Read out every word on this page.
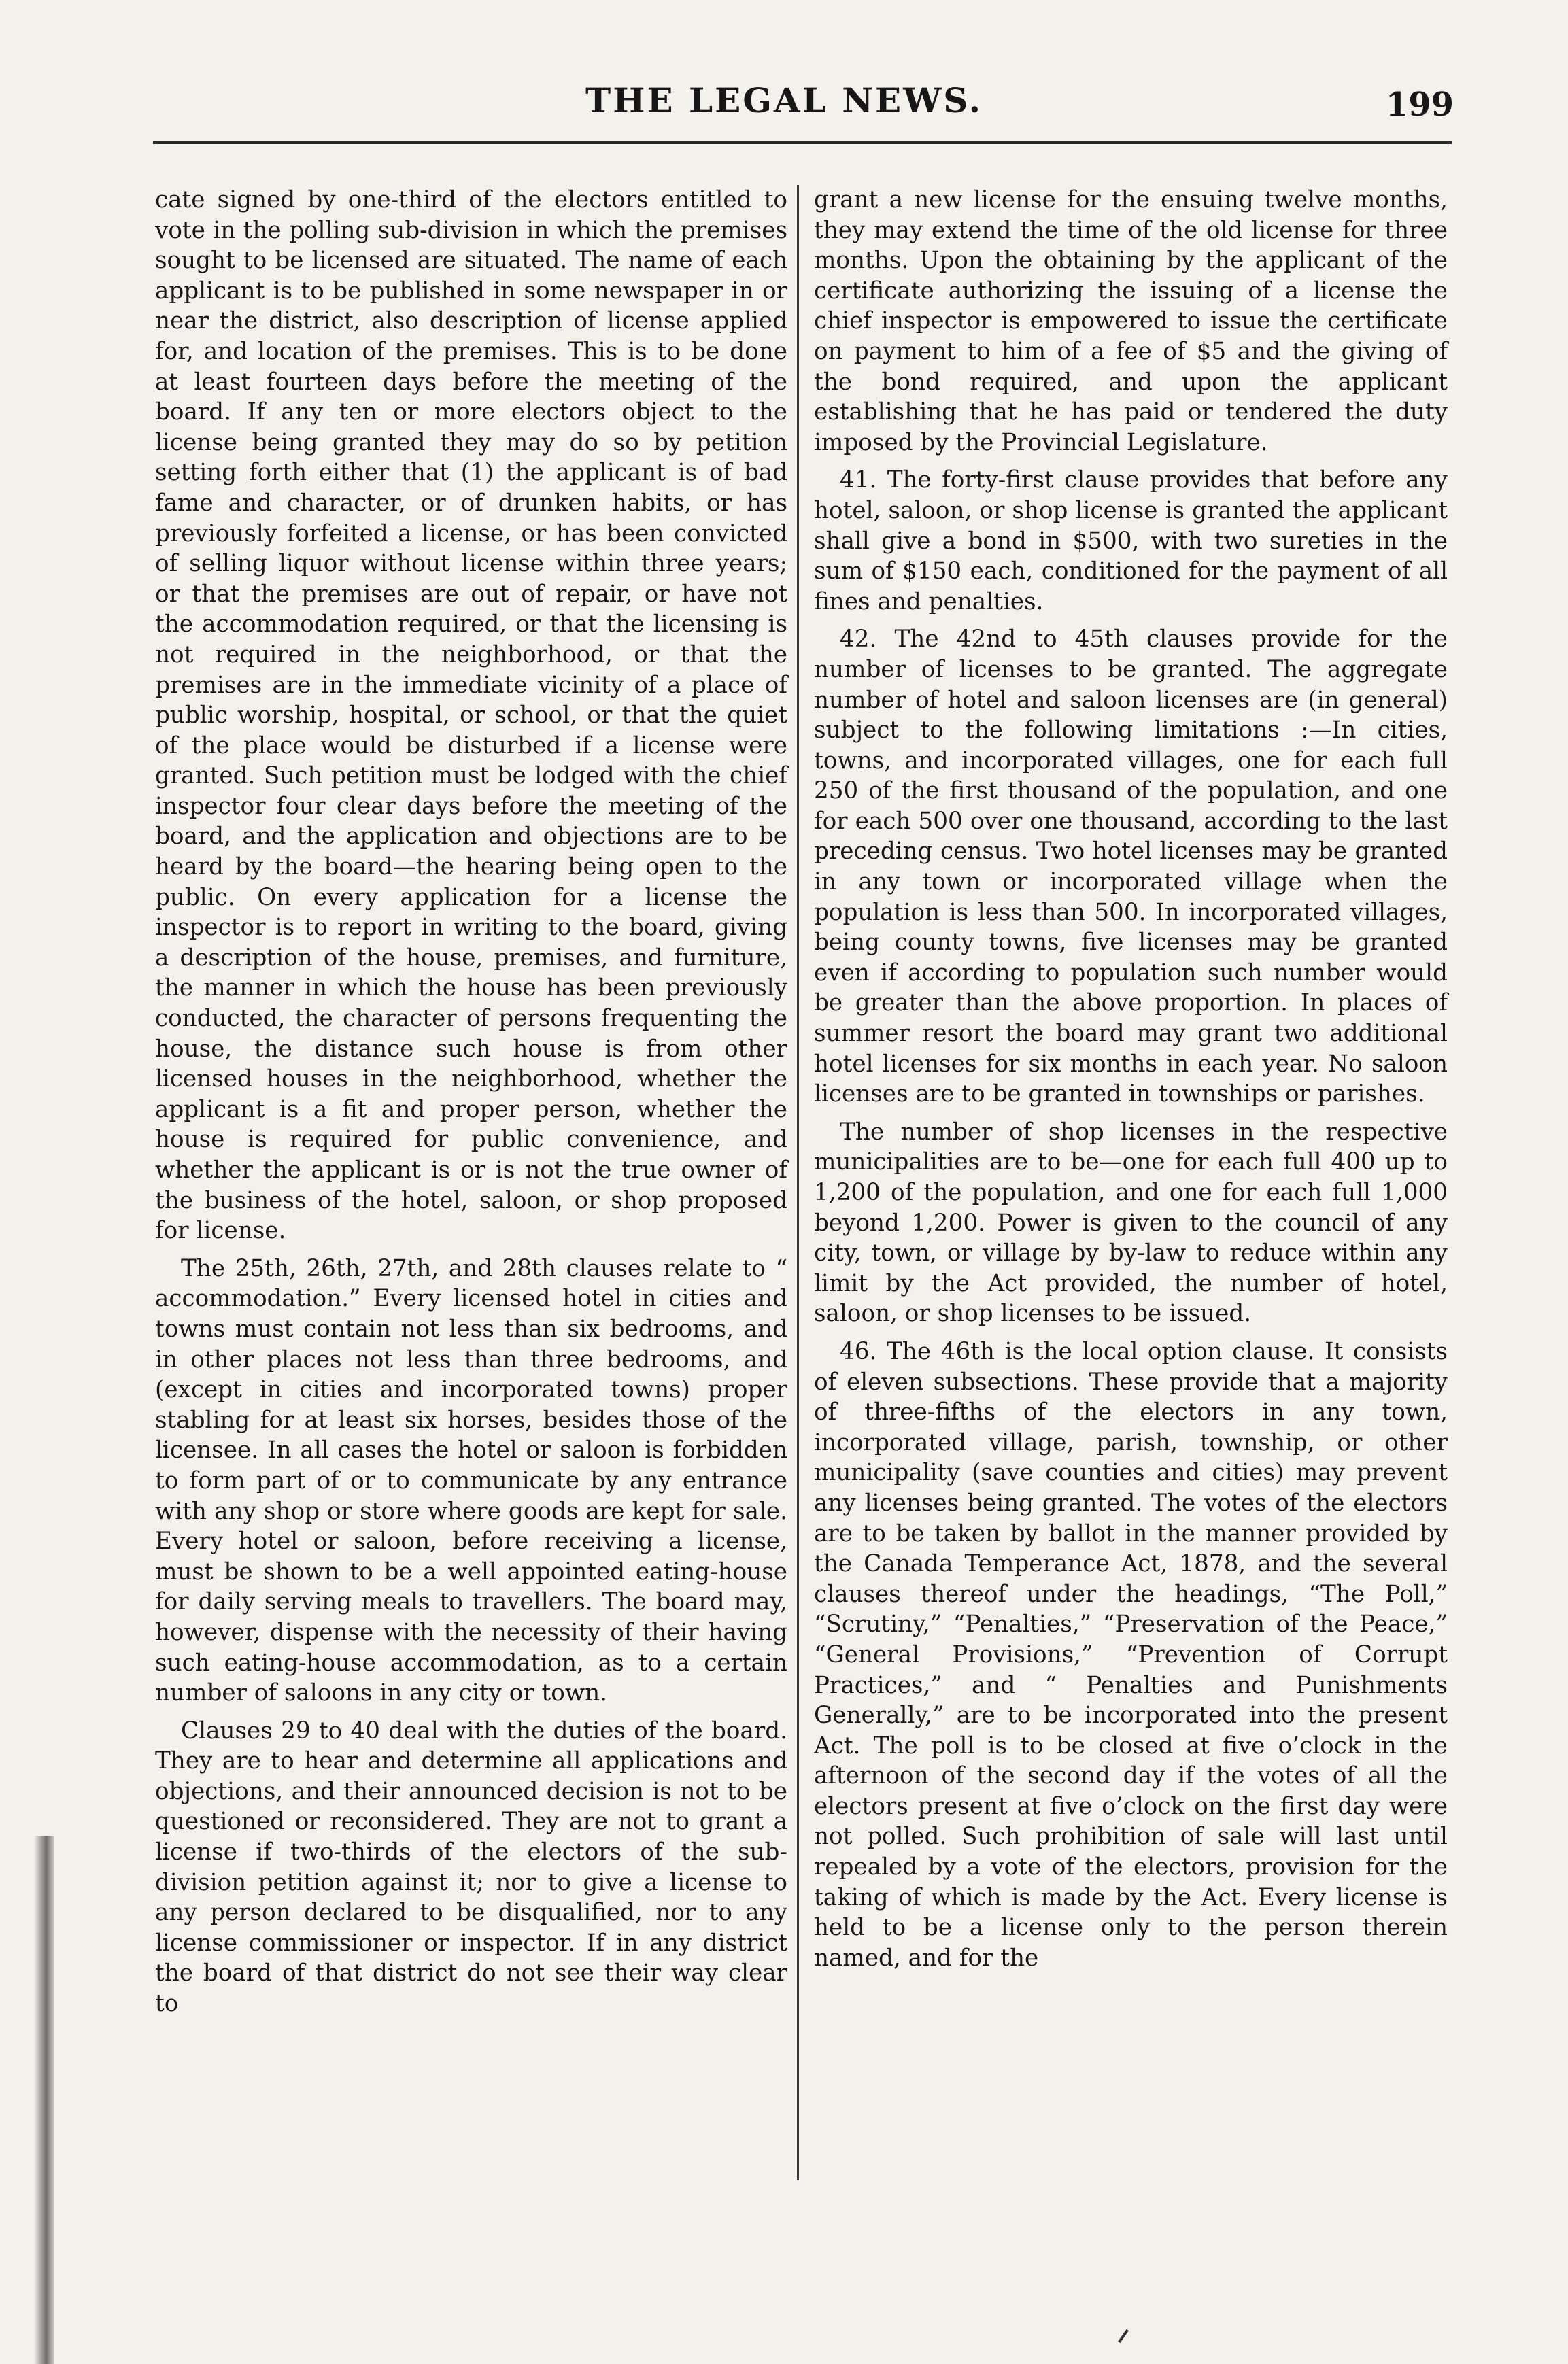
THE LEGAL NEWS.	199

cate signed by one-third of the electors entitled to vote in the polling sub-division in which the premises sought to be licensed are situated. The name of each applicant is to be published in some newspaper in or near the district, also description of license applied for, and location of the premises. This is to be done at least fourteen days before the meeting of the board. If any ten or more electors object to the license being granted they may do so by petition setting forth either that (1) the applicant is of bad fame and character, or of drunken habits, or has previously forfeited a license, or has been convicted of selling liquor without license within three years; or that the premises are out of repair, or have not the accommodation required, or that the licensing is not required in the neighborhood, or that the premises are in the immediate vicinity of a place of public worship, hospital, or school, or that the quiet of the place would be disturbed if a license were granted. Such petition must be lodged with the chief inspector four clear days before the meeting of the board, and the application and objections are to be heard by the board—the hearing being open to the public. On every application for a license the inspector is to report in writing to the board, giving a description of the house, premises, and furniture, the manner in which the house has been previously conducted, the character of persons frequenting the house, the distance such house is from other licensed houses in the neighborhood, whether the applicant is a fit and proper person, whether the house is required for public convenience, and whether the applicant is or is not the true owner of the business of the hotel, saloon, or shop proposed for license.

The 25th, 26th, 27th, and 28th clauses relate to “ accommodation.” Every licensed hotel in cities and towns must contain not less than six bedrooms, and in other places not less than three bedrooms, and (except in cities and incorporated towns) proper stabling for at least six horses, besides those of the licensee. In all cases the hotel or saloon is forbidden to form part of or to communicate by any entrance with any shop or store where goods are kept for sale. Every hotel or saloon, before receiving a license, must be shown to be a well appointed eating-house for daily serving meals to travellers. The board may, however, dispense with the necessity of their having such eating-house accommodation, as to a certain number of saloons in any city or town.

Clauses 29 to 40 deal with the duties of the board. They are to hear and determine all applications and objections, and their announced decision is not to be questioned or reconsidered. They are not to grant a license if two-thirds of the electors of the sub-division petition against it; nor to give a license to any person declared to be disqualified, nor to any license commissioner or inspector. If in any district the board of that district do not see their way clear to

grant a new license for the ensuing twelve months, they may extend the time of the old license for three months. Upon the obtaining by the applicant of the certificate authorizing the issuing of a license the chief inspector is empowered to issue the certificate on payment to him of a fee of $5 and the giving of the bond required, and upon the applicant establishing that he has paid or tendered the duty imposed by the Provincial Legislature.

41. The forty-first clause provides that before any hotel, saloon, or shop license is granted the applicant shall give a bond in $500, with two sureties in the sum of $150 each, conditioned for the payment of all fines and penalties.

42. The 42nd to 45th clauses provide for the number of licenses to be granted. The aggregate number of hotel and saloon licenses are (in general) subject to the following limitations :—In cities, towns, and incorporated villages, one for each full 250 of the first thousand of the population, and one for each 500 over one thousand, according to the last preceding census. Two hotel licenses may be granted in any town or incorporated village when the population is less than 500. In incorporated villages, being county towns, five licenses may be granted even if according to population such number would be greater than the above proportion. In places of summer resort the board may grant two additional hotel licenses for six months in each year. No saloon licenses are to be granted in townships or parishes.

The number of shop licenses in the respective municipalities are to be—one for each full 400 up to 1,200 of the population, and one for each full 1,000 beyond 1,200. Power is given to the council of any city, town, or village by by-law to reduce within any limit by the Act provided, the number of hotel, saloon, or shop licenses to be issued.

46. The 46th is the local option clause. It consists of eleven subsections. These provide that a majority of three-fifths of the electors in any town, incorporated village, parish, township, or other municipality (save counties and cities) may prevent any licenses being granted. The votes of the electors are to be taken by ballot in the manner provided by the Canada Temperance Act, 1878, and the several clauses thereof under the headings, “The Poll,” “Scrutiny,” “Penalties,” “Preservation of the Peace,” “General Provisions,” “Prevention of Corrupt Practices,” and “ Penalties and Punishments Generally,” are to be incorporated into the present Act. The poll is to be closed at five o’clock in the afternoon of the second day if the votes of all the electors present at five o’clock on the first day were not polled. Such prohibition of sale will last until repealed by a vote of the electors, provision for the taking of which is made by the Act. Every license is held to be a license only to the person therein named, and for the
